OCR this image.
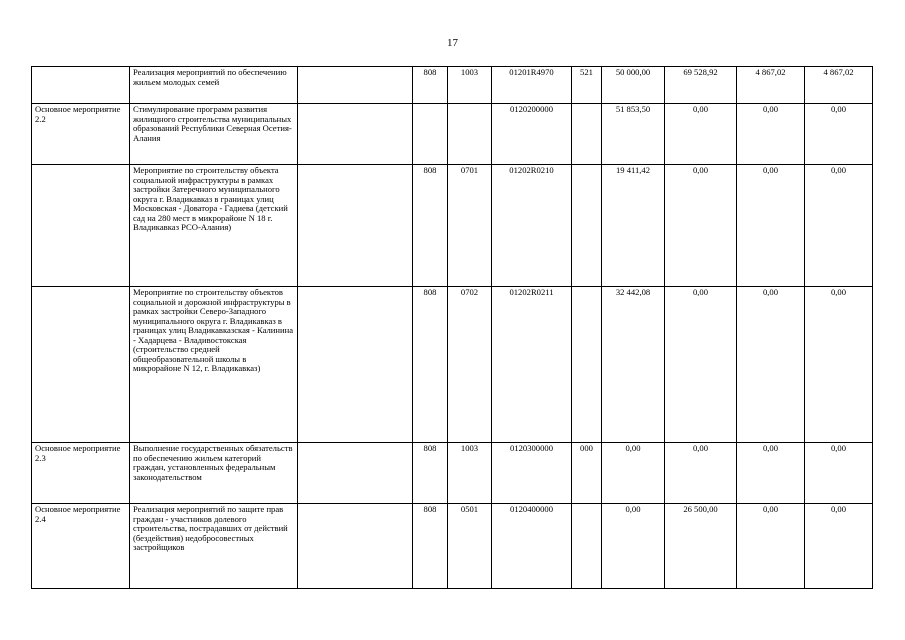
17
	Реализация мероприятий по обеспечению жильем молодых семей		808	1003	01201R4970	521	50 000,00	69 528,92	4 867,02	4 867,02
Основное мероприятие 2.2	Стимулирование программ развития жилищного строительства муниципальных образований Республики Северная Осетия-Алания				0120200000		51 853,50	0,00	0,00	0,00
	Мероприятие по строительству объекта социальной инфраструктуры в рамках застройки Затеречного муниципального округа г. Владикавказ в границах улиц Московская - Доватора - Гадиева (детский сад на 280 мест в микрорайоне N 18 г. Владикавказ РСО-Алания)		808	0701	01202R0210		19 411,42	0,00	0,00	0,00
	Мероприятие по строительству объектов социальной и дорожной инфраструктуры в рамках застройки Северо-Западного муниципального округа г. Владикавказ в границах улиц Владикавказская - Калинина - Хадарцева - Владивостокская (строительство средней общеобразовательной школы в микрорайоне N 12, г. Владикавказ)		808	0702	01202R0211		32 442,08	0,00	0,00	0,00
Основное мероприятие 2.3	Выполнение государственных обязательств по обеспечению жильем категорий граждан, установленных федеральным законодательством		808	1003	0120300000	000	0,00	0,00	0,00	0,00
Основное мероприятие 2.4	Реализация мероприятий по защите прав граждан - участников долевого строительства, пострадавших от действий (бездействия) недобросовестных застройщиков		808	0501	0120400000		0,00	26 500,00	0,00	0,00
